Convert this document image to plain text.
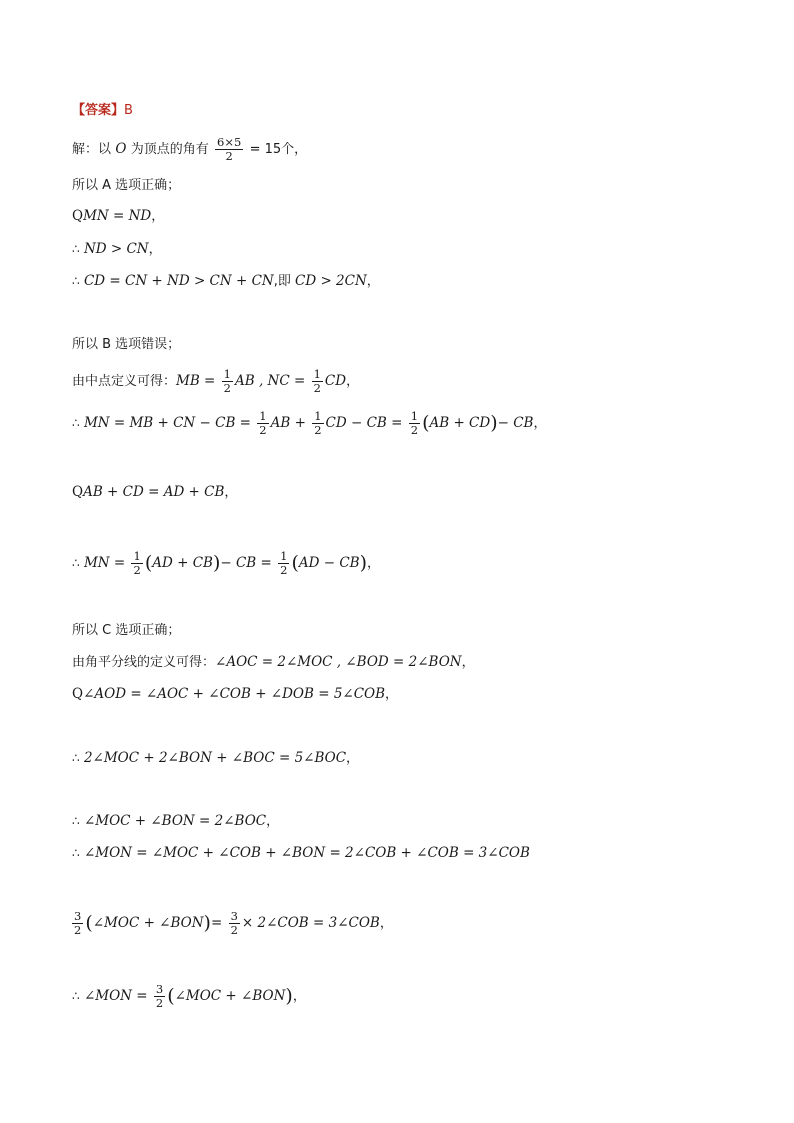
【答案】B
解：以 O 为顶点的角有 $\frac{6\times 5}{2} = 15$个，
所以 A 选项正确；
QMN = ND，
∴ ND > CN，
∴ CD = CN + ND > CN + CN,即 CD > 2CN，
所以 B 选项错误；
由中点定义可得：MB = $\frac{1}{2}$ AB , NC = $\frac{1}{2}$ CD，
∴ MN = MB + CN − CB = $\frac{1}{2}$ AB + $\frac{1}{2}$ CD − CB = $\frac{1}{2} (AB + CD)-$ CB，
QAB + CD = AD + CB，
∴ MN = $\frac{1}{2} (AD + CB)-$ CB = $\frac{1}{2} (AD - CB)$，
所以 C 选项正确；
由角平分线的定义可得：∠AOC = 2∠MOC , ∠BOD = 2∠BON，
Q∠AOD = ∠AOC + ∠COB + ∠DOB = 5∠COB，
∴ 2∠MOC + 2∠BON + ∠BOC = 5∠BOC，
∴ ∠MOC + ∠BON = 2∠BOC，
∴ ∠MON = ∠MOC + ∠COB + ∠BON = 2∠COB + ∠COB = 3∠COB
$\frac{3}{2}$ (∠MOC + ∠BON)= $\frac{3}{2}$ × 2∠COB = 3∠COB，
∴ ∠MON = $\frac{3}{2}$ (∠MOC + ∠BON)，
